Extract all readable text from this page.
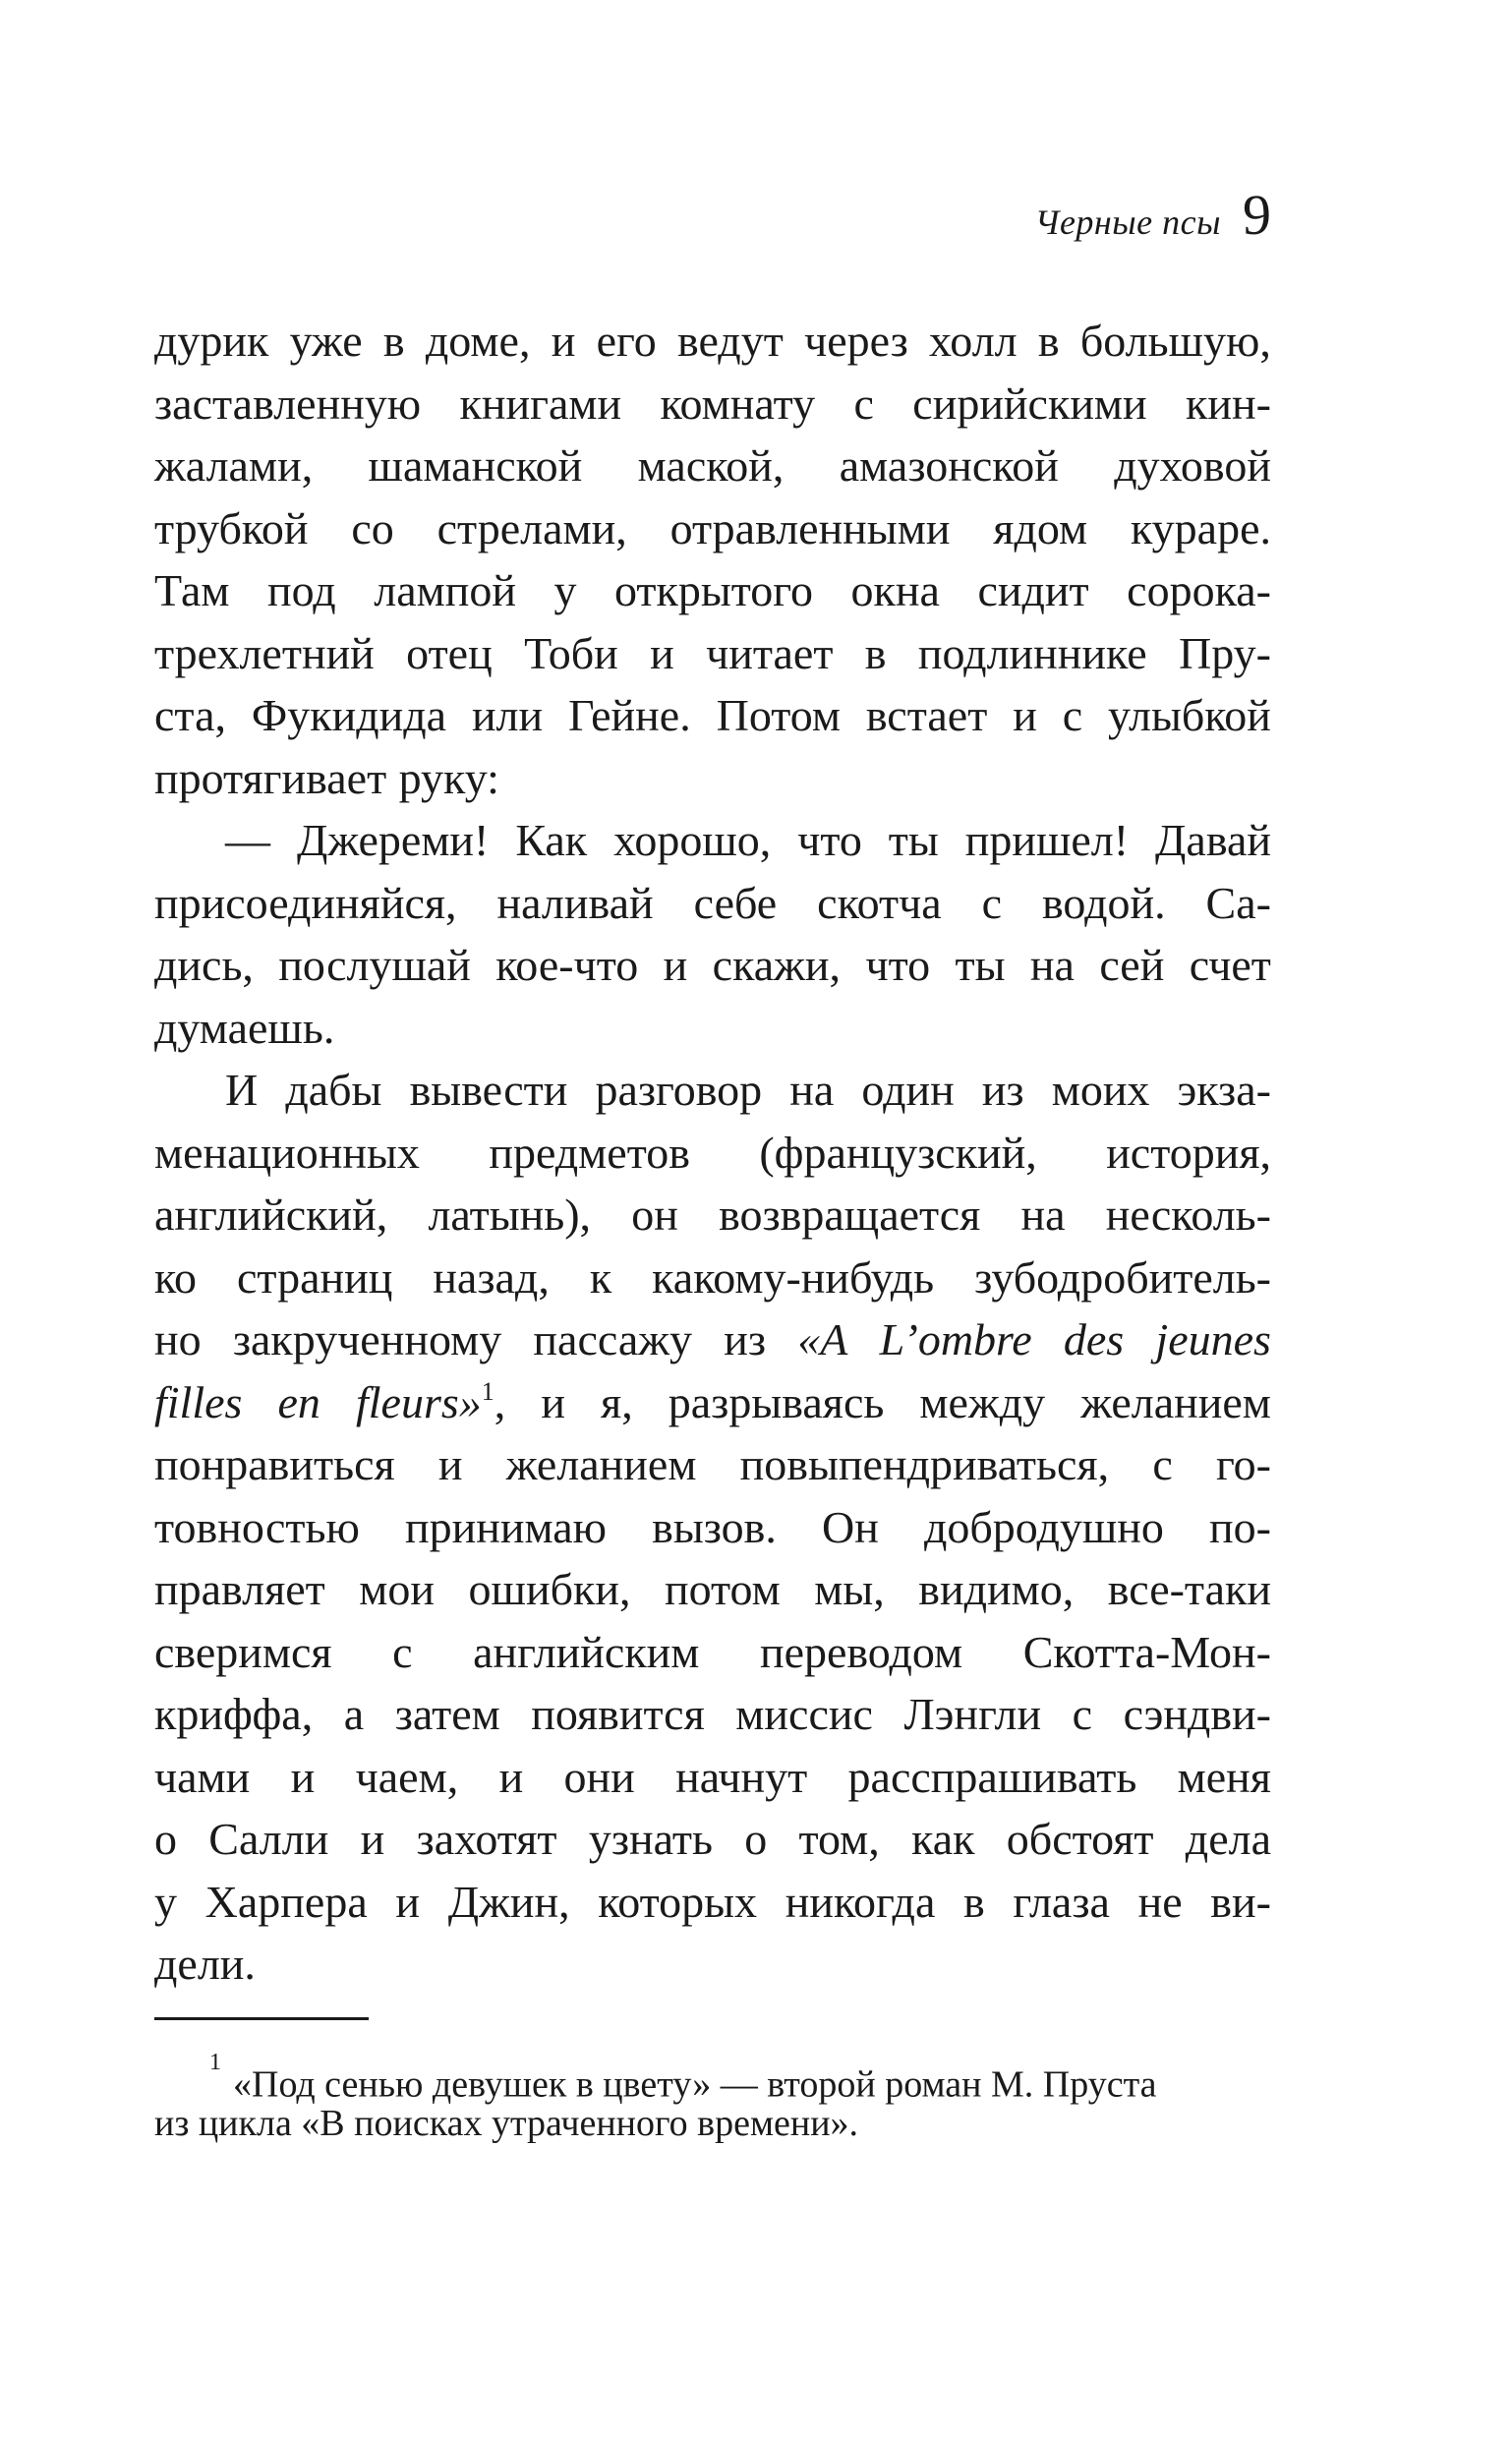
Черные псы 9
дурик уже в доме, и его ведут через холл в большую,
заставленную книгами комнату с сирийскими кин-
жалами, шаманской маской, амазонской духовой
трубкой со стрелами, отравленными ядом кураре.
Там под лампой у открытого окна сидит сорока-
трехлетний отец Тоби и читает в подлиннике Пру-
ста, Фукидида или Гейне. Потом встает и с улыбкой
протягивает руку:
— Джереми! Как хорошо, что ты пришел! Давай
присоединяйся, наливай себе скотча с водой. Са-
дись, послушай кое-что и скажи, что ты на сей счет
думаешь.
И дабы вывести разговор на один из моих экза-
менационных предметов (французский, история,
английский, латынь), он возвращается на несколь-
ко страниц назад, к какому-нибудь зубодробитель-
но закрученному пассажу из «A L’ombre des jeunes
filles en fleurs»$^1$, и я, разрываясь между желанием
понравиться и желанием повыпендриваться, с го-
товностью принимаю вызов. Он добродушно по-
правляет мои ошибки, потом мы, видимо, все-таки
сверимся с английским переводом Скотта-Мон-
криффа, а затем появится миссис Лэнгли с сэндви-
чами и чаем, и они начнут расспрашивать меня
о Салли и захотят узнать о том, как обстоят дела
у Харпера и Джин, которых никогда в глаза не ви-
дели.
$^1$«Под сенью девушек в цвету» — второй роман М. Пруста
из цикла «В поисках утраченного времени».
